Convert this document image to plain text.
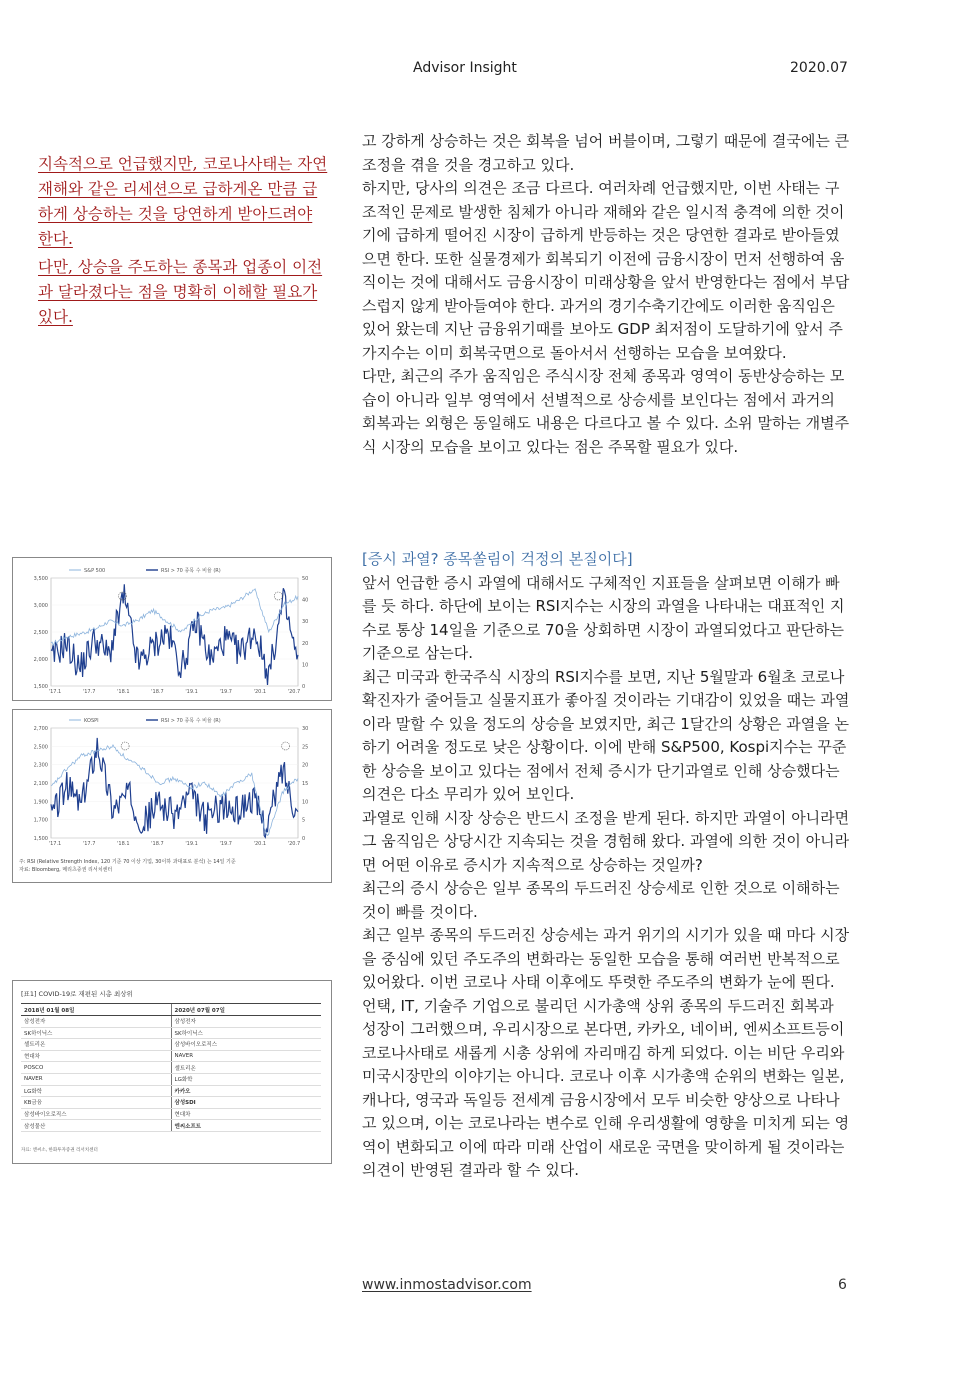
Advisor Insight	2020.07

지속적으로 언급했지만, 코로나사태는 자연재해와 같은 리세션으로 급하게온 만큼 급하게 상승하는 것을 당연하게 받아드려야 한다.

다만, 상승을 주도하는 종목과 업종이 이전과 달라졌다는 점을 명확히 이해할 필요가 있다.

고 강하게 상승하는 것은 회복을 넘어 버블이며, 그렇기 때문에 결국에는 큰 조정을 겪을 것을 경고하고 있다.

하지만, 당사의 의견은 조금 다르다. 여러차례 언급했지만, 이번 사태는 구조적인 문제로 발생한 침체가 아니라 재해와 같은 일시적 충격에 의한 것이기에 급하게 떨어진 시장이 급하게 반등하는 것은 당연한 결과로 받아들였으면 한다. 또한 실물경제가 회복되기 이전에 금융시장이 먼저 선행하여 움직이는 것에 대해서도 금융시장이 미래상황을 앞서 반영한다는 점에서 부담스럽지 않게 받아들여야 한다. 과거의 경기수축기간에도 이러한 움직임은 있어 왔는데 지난 금융위기때를 보아도 GDP 최저점이 도달하기에 앞서 주가지수는 이미 회복국면으로 돌아서서 선행하는 모습을 보여왔다.

다만, 최근의 주가 움직임은 주식시장 전체 종목과 영역이 동반상승하는 모습이 아니라 일부 영역에서 선별적으로 상승세를 보인다는 점에서 과거의 회복과는 외형은 동일해도 내용은 다르다고 볼 수 있다. 소위 말하는 개별주식 시장의 모습을 보이고 있다는 점은 주목할 필요가 있다.

[증시 과열? 종목쏠림이 걱정의 본질이다]

앞서 언급한 증시 과열에 대해서도 구체적인 지표들을 살펴보면 이해가 빠를 듯 하다. 하단에 보이는 RSI지수는 시장의 과열을 나타내는 대표적인 지수로 통상 14일을 기준으로 70을 상회하면 시장이 과열되었다고 판단하는 기준으로 삼는다.

최근 미국과 한국주식 시장의 RSI지수를 보면, 지난 5월말과 6월초 코로나확진자가 줄어들고 실물지표가 좋아질 것이라는 기대감이 있었을 때는 과열이라 말할 수 있을 정도의 상승을 보였지만, 최근 1달간의 상황은 과열을 논하기 어려울 정도로 낮은 상황이다. 이에 반해 S&P500, Kospi지수는 꾸준한 상승을 보이고 있다는 점에서 전체 증시가 단기과열로 인해 상승했다는 의견은 다소 무리가 있어 보인다.

과열로 인해 시장 상승은 반드시 조정을 받게 된다. 하지만 과열이 아니라면 그 움직임은 상당시간 지속되는 것을 경험해 왔다. 과열에 의한 것이 아니라면 어떤 이유로 증시가 지속적으로 상승하는 것일까?

최근의 증시 상승은 일부 종목의 두드러진 상승세로 인한 것으로 이해하는 것이 빠를 것이다.

최근 일부 종목의 두드러진 상승세는 과거 위기의 시기가 있을 때 마다 시장을 중심에 있던 주도주의 변화라는 동일한 모습을 통해 여러번 반복적으로 있어왔다. 이번 코로나 사태 이후에도 뚜렷한 주도주의 변화가 눈에 띈다. 언택, IT, 기술주 기업으로 불리던 시가총액 상위 종목의 두드러진 회복과 성장이 그러했으며, 우리시장으로 본다면, 카카오, 네이버, 엔씨소프트등이 코로나사태로 새롭게 시총 상위에 자리매김 하게 되었다. 이는 비단 우리와 미국시장만의 이야기는 아니다. 코로나 이후 시가총액 순위의 변화는 일본, 캐나다, 영국과 독일등 전세계 금융시장에서 모두 비슷한 양상으로 나타나고 있으며, 이는 코로나라는 변수로 인해 우리생활에 영향을 미치게 되는 영역이 변화되고 이에 따라 미래 산업이 새로운 국면을 맞이하게 될 것이라는 의견이 반영된 결과라 할 수 있다.

S&P 500	RSI > 70 종목 수 비율 (R)
3,500
3,000
2,500
2,000
1,500
50
40
30
20
10
0
'17.1	'17.7	'18.1	'18.7	'19.1	'19.7	'20.1	'20.7
KOSPI	RSI > 70 종목 수 비율 (R)
2,700
2,500
2,300
2,100
1,900
1,700
1,500
30
25
20
15
10
5
0
'17.1	'17.7	'18.1	'18.7	'19.1	'19.7	'20.1	'20.7
주: RSI (Relative Strength Index, 120 기준 70 이상 기업, 30이하 과대표로 분석) 는 14일 기준
자료: Bloomberg, 메리츠증권 리서치센터
[표1] COVID-19로 재편된 시총 최상위
2018년 01월 08일	2020년 07월 07일
삼성전자	삼성전자
SK하이닉스	SK하이닉스
셀트리온	삼성바이오로직스
현대차	NAVER
POSCO	셀트리온
NAVER	LG화학
LG화학	카카오
KB금융	삼성SDI
삼성바이오로직스	현대차
삼성물산	엔씨소프트
자료: 앤씨소, 한화투자증권 리서치센터
www.inmostadvisor.com	6
